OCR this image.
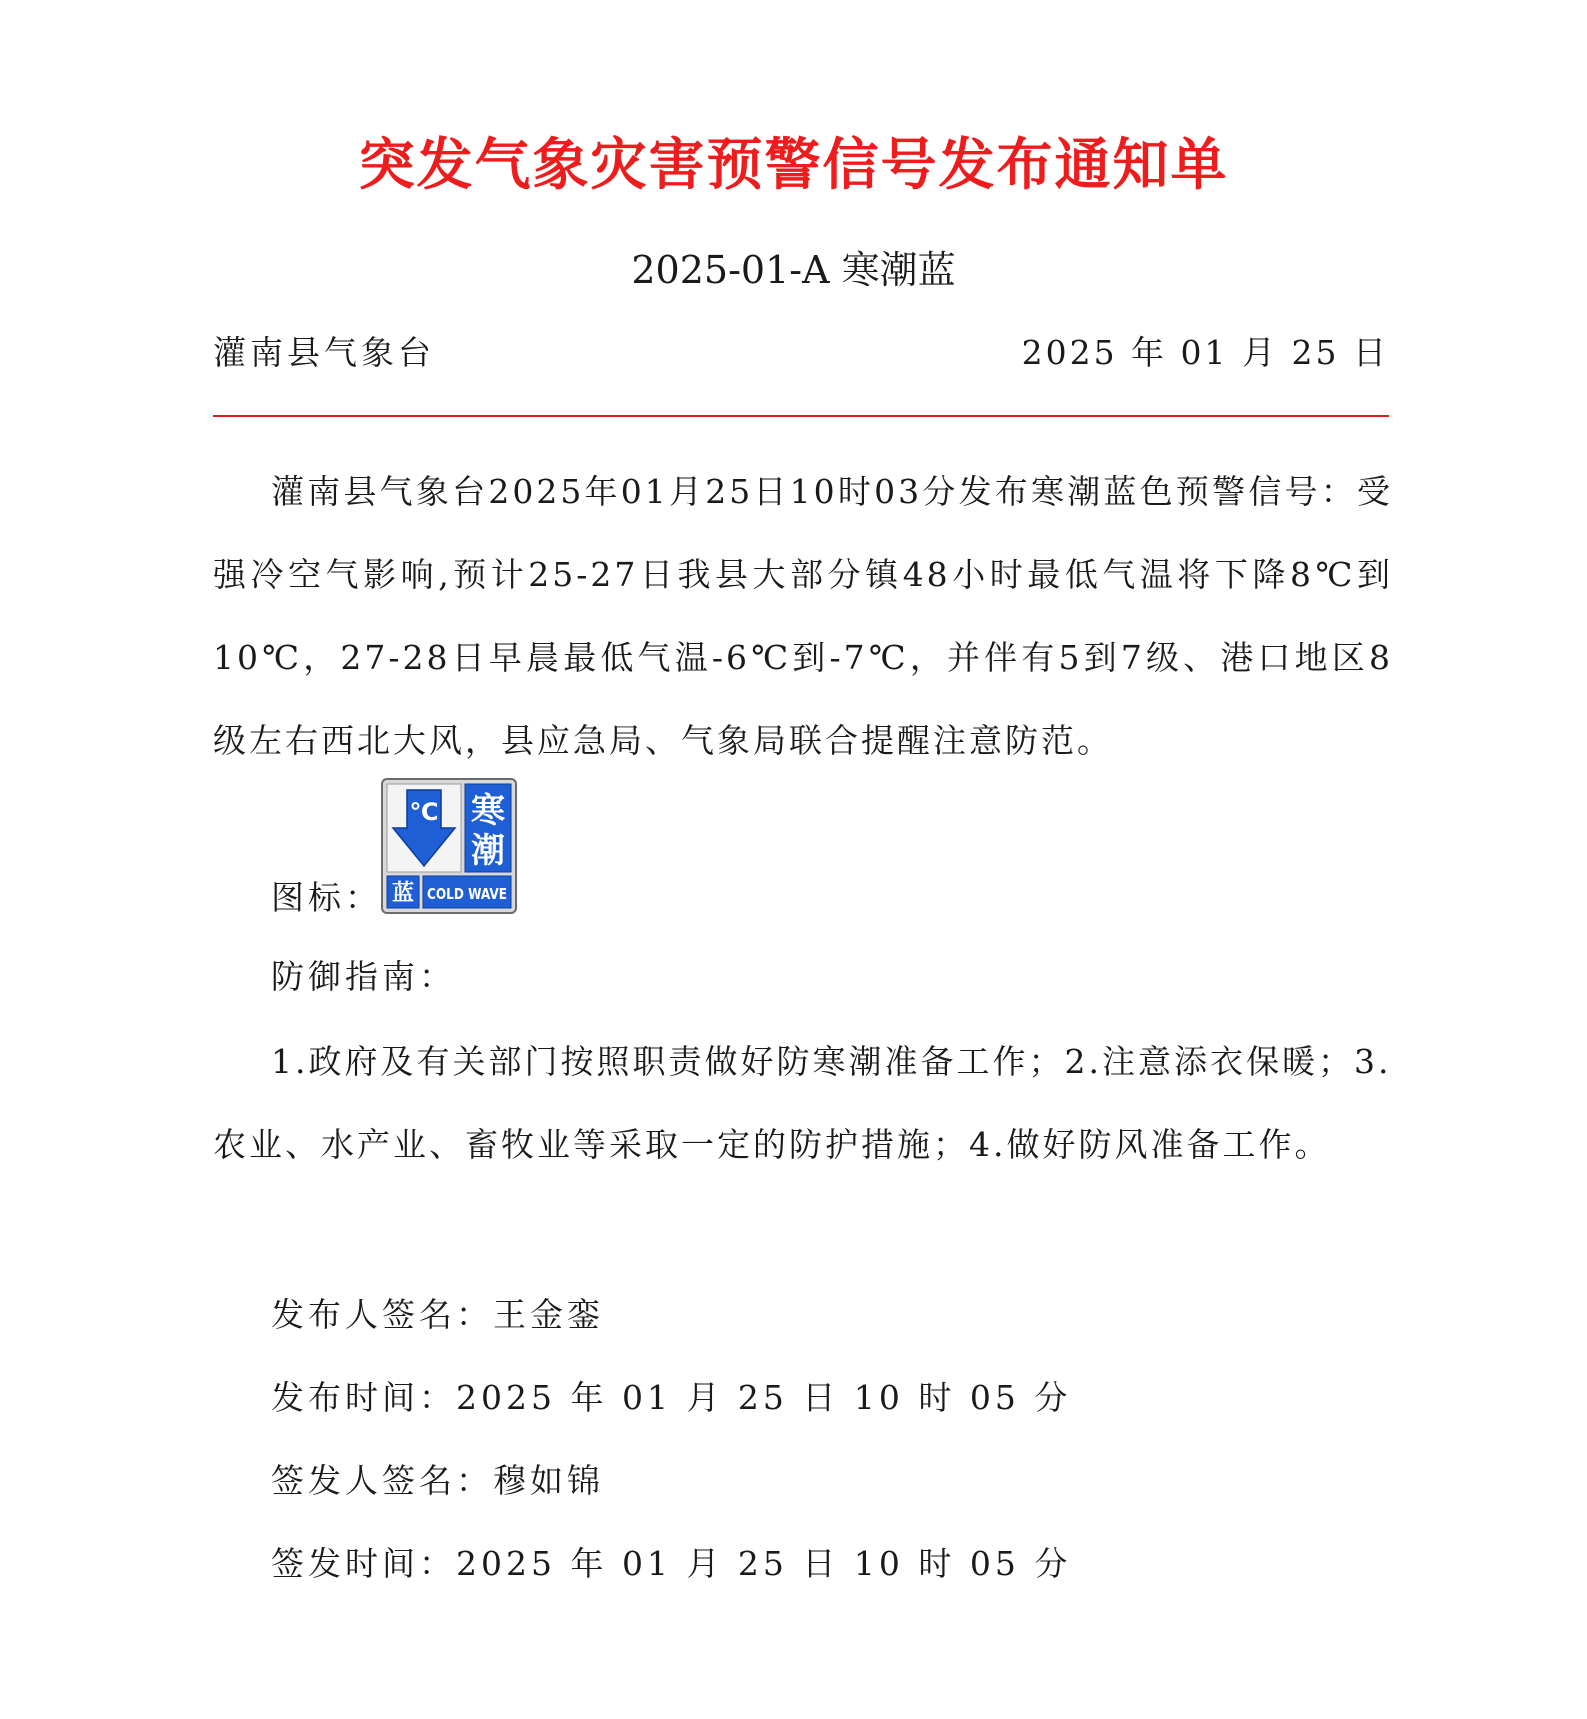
突发气象灾害预警信号发布通知单
2025-01-A 寒潮蓝
灌南县气象台	2025 年 01 月 25 日

灌南县气象台2025年01月25日10时03分发布寒潮蓝色预警信号：受强冷空气影响,预计25-27日我县大部分镇48小时最低气温将下降8℃到10℃，27-28日早晨最低气温-6℃到-7℃，并伴有5到7级、港口地区8级左右西北大风，县应急局、气象局联合提醒注意防范。

图标：
℃ 寒
潮
蓝 COLD WAVE
防御指南：

1.政府及有关部门按照职责做好防寒潮准备工作；2.注意添衣保暖；3.农业、水产业、畜牧业等采取一定的防护措施；4.做好防风准备工作。

发布人签名：王金銮
发布时间：2025 年 01 月 25 日 10 时 05 分
签发人签名：穆如锦
签发时间：2025 年 01 月 25 日 10 时 05 分
